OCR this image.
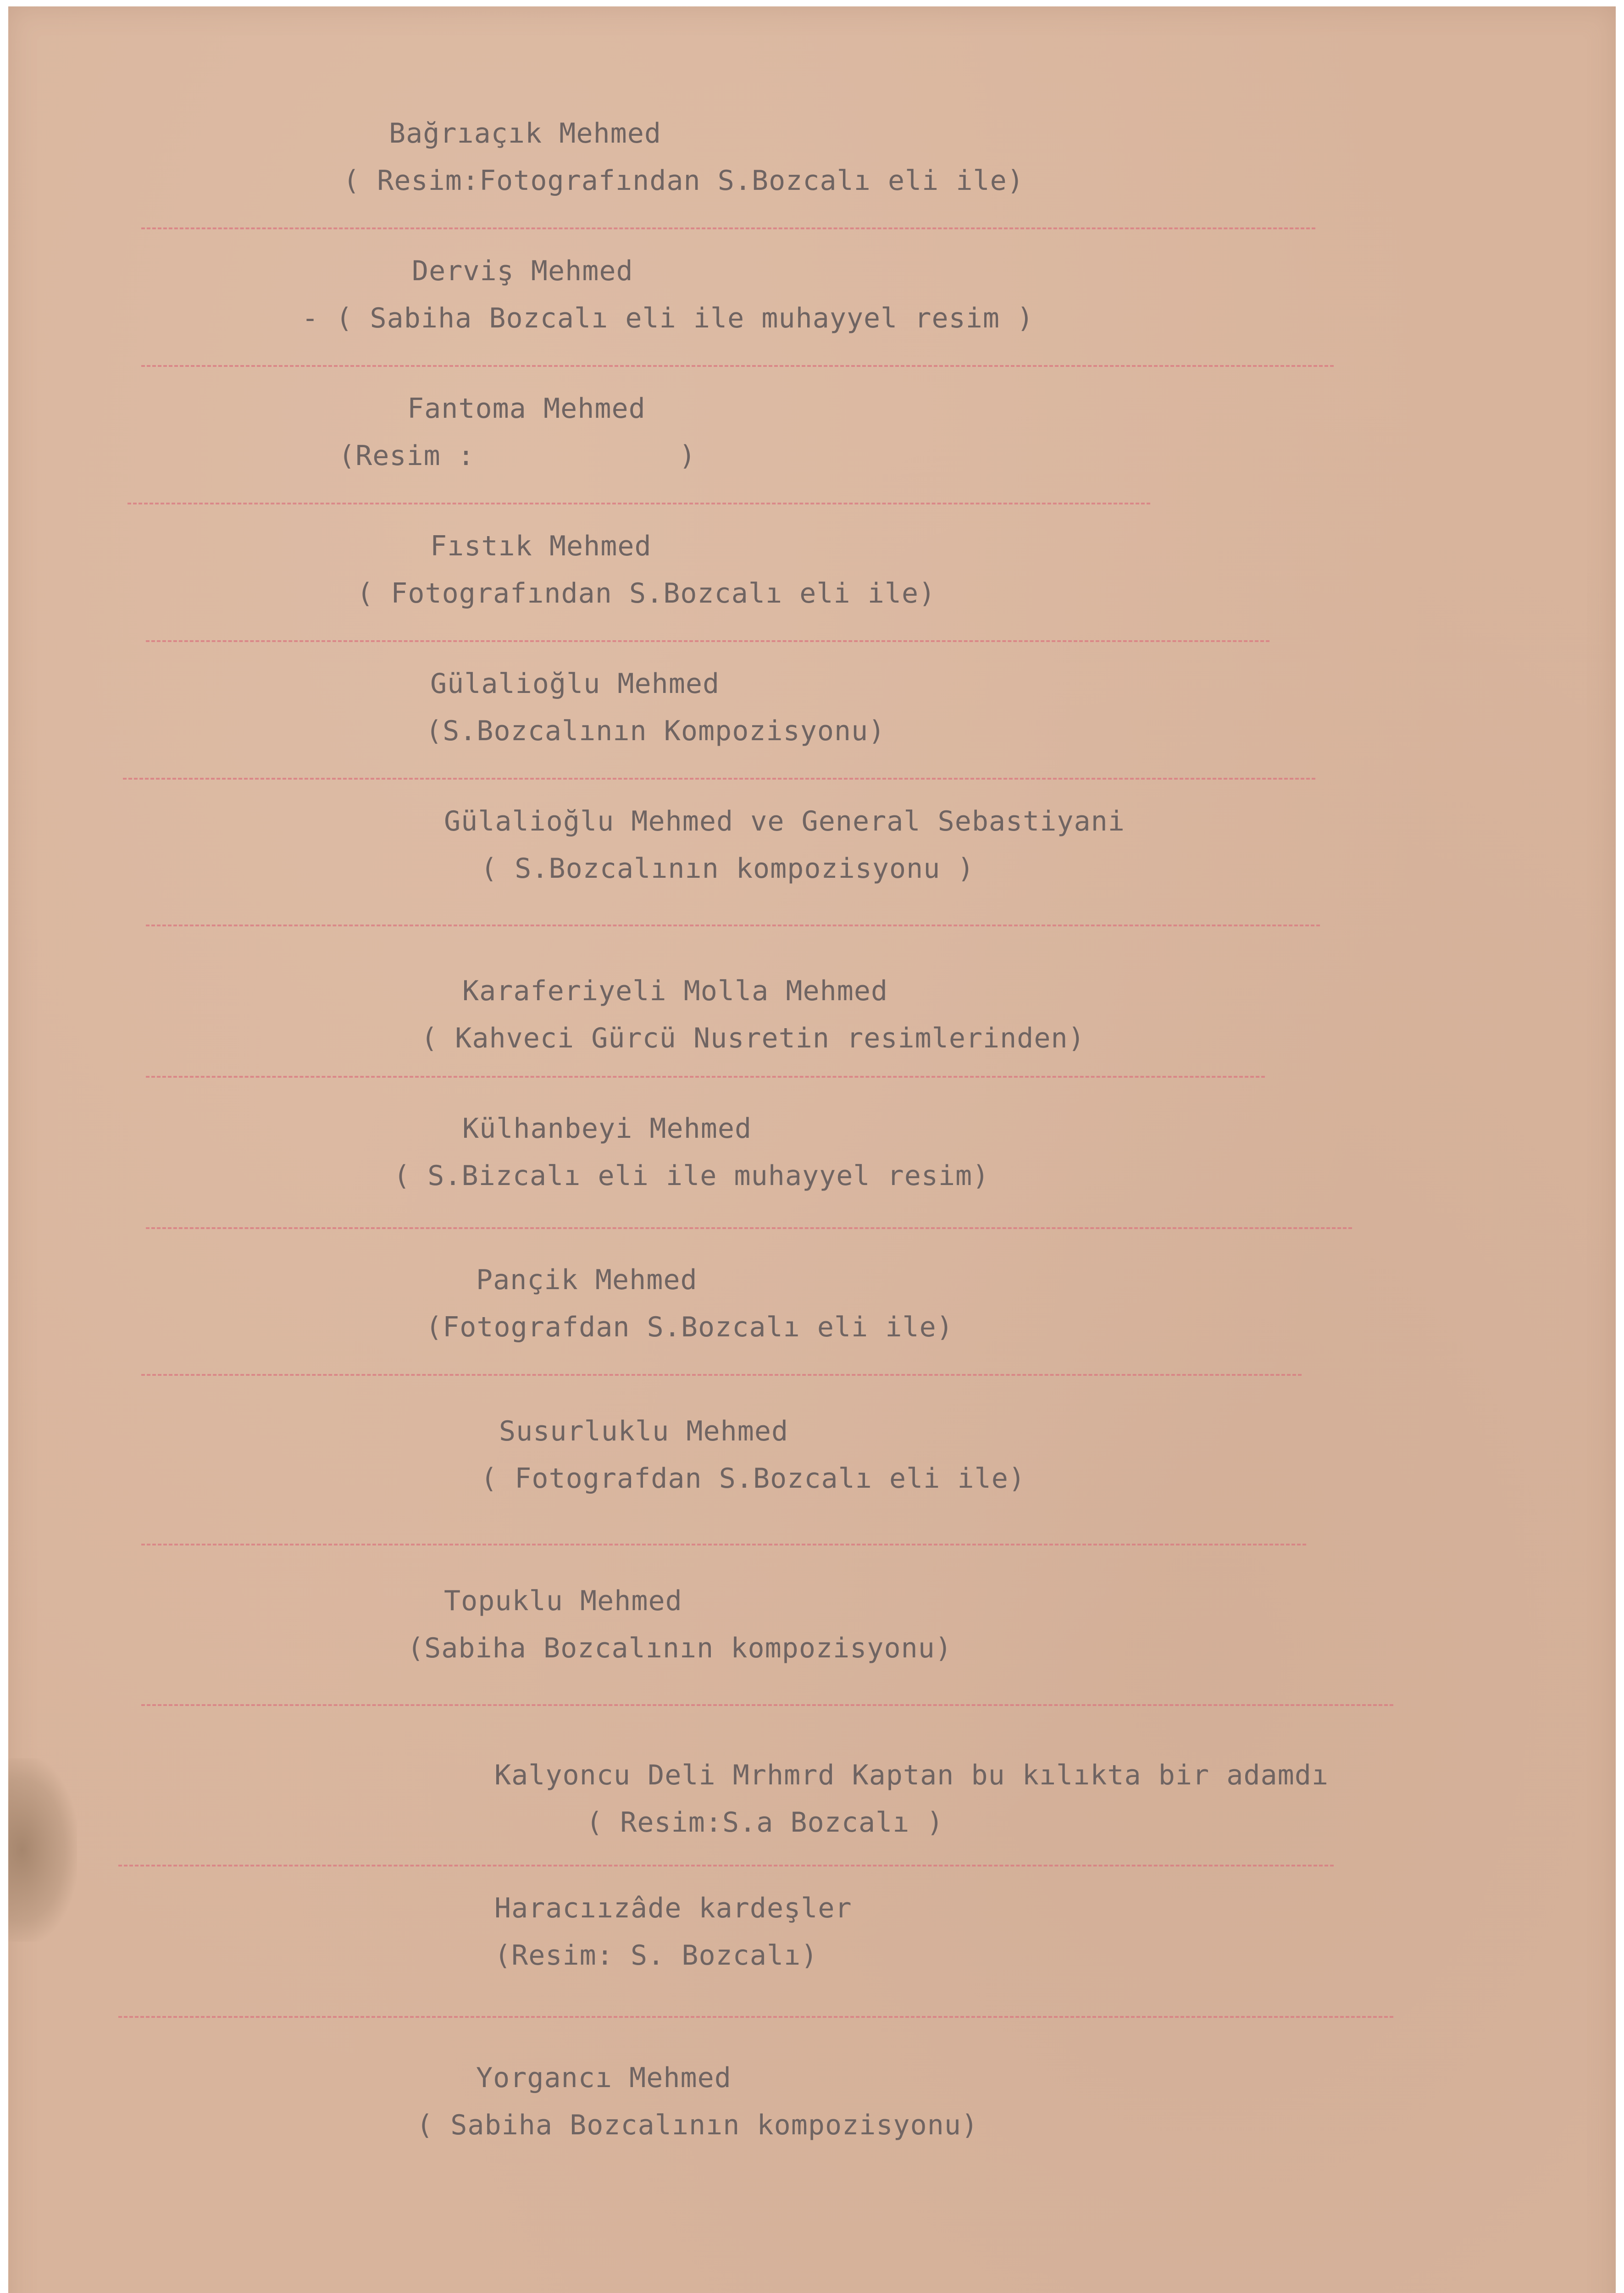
Bağrıaçık Mehmed
( Resim:Fotografından S.Bozcalı eli ile)
Derviş Mehmed
- ( Sabiha Bozcalı eli ile muhayyel resim )
Fantoma Mehmed
(Resim :            )
Fıstık Mehmed
( Fotografından S.Bozcalı eli ile)
Gülalioğlu Mehmed
(S.Bozcalının Kompozisyonu)
Gülalioğlu Mehmed ve General Sebastiyani
( S.Bozcalının kompozisyonu )
Karaferiyeli Molla Mehmed
( Kahveci Gürcü Nusretin resimlerinden)
Külhanbeyi Mehmed
( S.Bizcalı eli ile muhayyel resim)
Pançik Mehmed
(Fotografdan S.Bozcalı eli ile)
Susurluklu Mehmed
( Fotografdan S.Bozcalı eli ile)
Topuklu Mehmed
(Sabiha Bozcalının kompozisyonu)
Kalyoncu Deli Mrhmrd Kaptan bu kılıkta bir adamdı
( Resim:S.a Bozcalı )
Haracıızâde kardeşler
(Resim: S. Bozcalı)
Yorgancı Mehmed
( Sabiha Bozcalının kompozisyonu)
